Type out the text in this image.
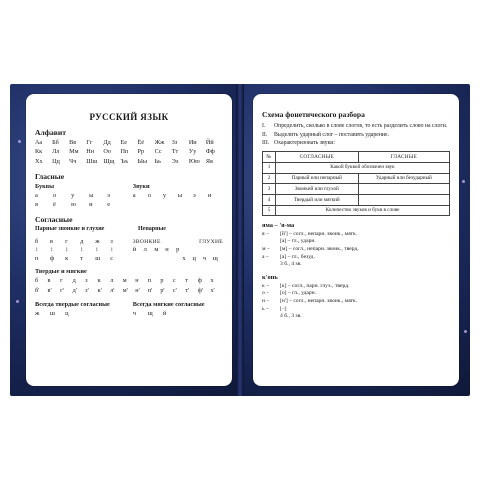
РУССКИЙ ЯЗЫК
Алфавит
Аа	Бб	Вв	Гг	Дд	Ее	Ёё	Жж	Зз	Ии	Йй
Кк	Лл	Мм	Нн	Оо	Пп	Рр	Сс	Тт	Уу	Фф
Хх	Цц	Чч	Шш Щщ Ъъ	Ыы	Ьь	Ээ	Юю Яя
Гласные
Буквы
а	о	у	ы	э
я	ё	ю	и	е
Звуки
а	о	у	ы	э	и
Согласные
Парные звонкие и глухие	Непарные
б	в	г	д	ж	з
↕	↕	↕	↕	↕	↕
п	ф	к	т	ш	с
ЗВОНКИЕ	ГЛУХИЕ
й	л	м	н	р
х	ц	ч	щ
Твердые и мягкие
б	в	г	д	з	к	л	м	н	п	р	с	т	ф	х
б'	в'	г'	д'	з'	к'	л'	м'	н'	п'	р'	с'	т'	ф'	х'
Всегда твердые согласные
ж	ш	ц
Всегда мягкие согласные
ч	щ	й
Схема фонетического разбора
I.	Определить, сколько в слове слогов, то есть разделить слово на слоги.
II.	Выделить ударный слог – поставить ударение.
III. Охарактеризовать звуки:
№	СОГЛАСНЫЕ	ГЛАСНЫЕ
1	Какой буквой обозначен звук	
2	Парный или непарный	Ударный или безударный
3	Звонкий или глухой	
4	Твердый или мягкий	
5	Количество звуков и букв в слове	
яма – 'я-ма
я –	[й'] – согл., непарн. звонк., мягк.
[а] – гл., ударн.
м –	[м] – согл., непарн. звонк., тверд.
а –	[а] – гл., безуд.
3 б., 4 зв.
к'онь
к –	[к] – согл., парн. глух., тверд.
о –	[о] – гл., ударн.
н –	[н'] – согл., непарн. звонк., мягк.
ь –	[–]
4 б., 3 зв.
